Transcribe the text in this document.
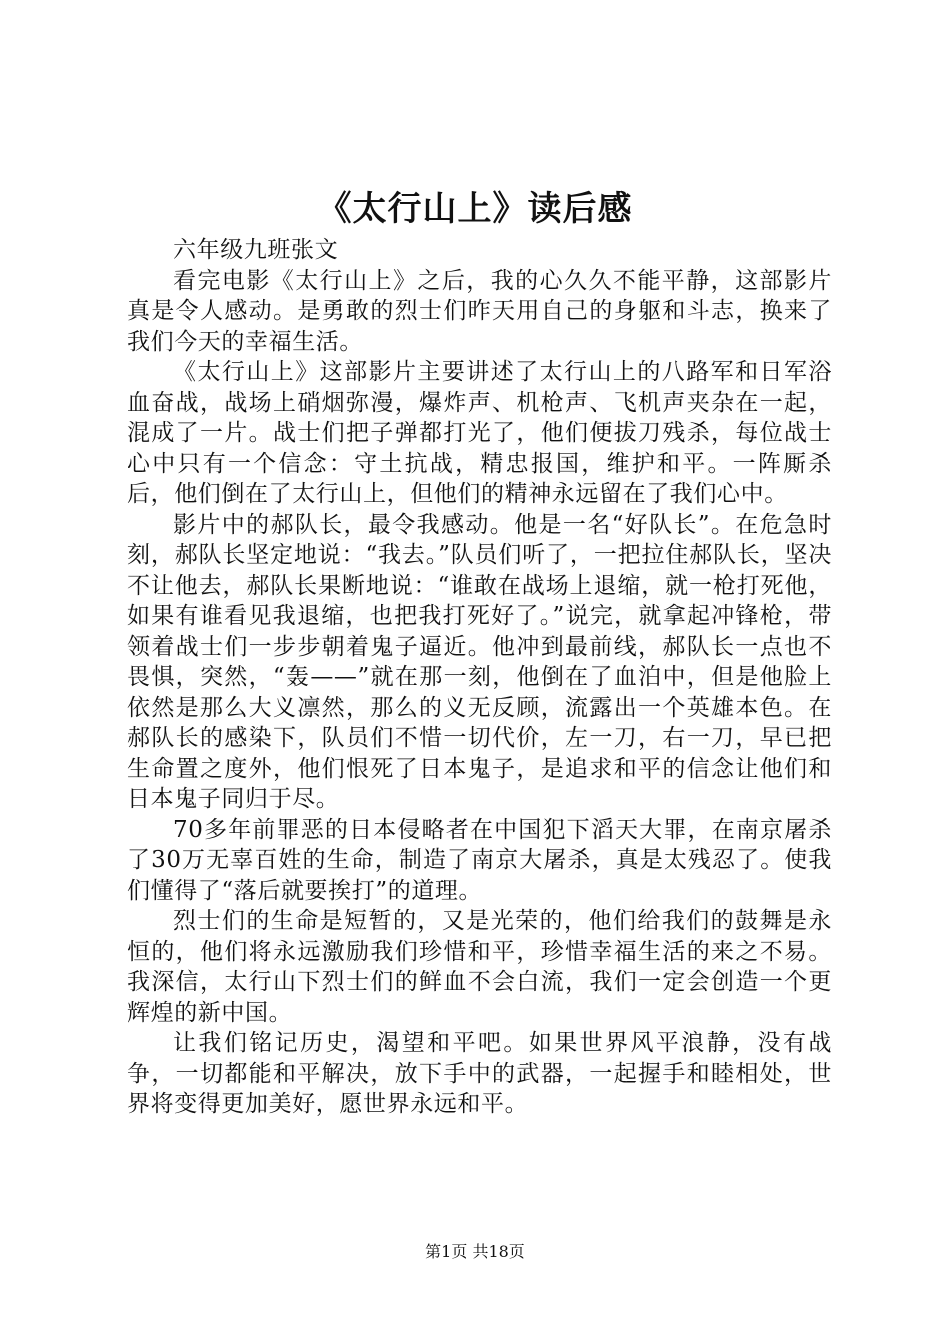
《太行山上》读后感
六年级九班张文

看完电影《太行山上》之后，我的心久久不能平静，这部影片真是令人感动。是勇敢的烈士们昨天用自己的身躯和斗志，换来了我们今天的幸福生活。

《太行山上》这部影片主要讲述了太行山上的八路军和日军浴血奋战，战场上硝烟弥漫，爆炸声、机枪声、飞机声夹杂在一起，混成了一片。战士们把子弹都打光了，他们便拔刀残杀，每位战士心中只有一个信念：守土抗战，精忠报国，维护和平。一阵厮杀后，他们倒在了太行山上，但他们的精神永远留在了我们心中。

影片中的郝队长，最令我感动。他是一名“好队长”。在危急时刻，郝队长坚定地说：“我去。”队员们听了，一把拉住郝队长，坚决不让他去，郝队长果断地说：“谁敢在战场上退缩，就一枪打死他，如果有谁看见我退缩，也把我打死好了。”说完，就拿起冲锋枪，带领着战士们一步步朝着鬼子逼近。他冲到最前线，郝队长一点也不畏惧，突然，“轰——”就在那一刻，他倒在了血泊中，但是他脸上依然是那么大义凛然，那么的义无反顾，流露出一个英雄本色。在郝队长的感染下，队员们不惜一切代价，左一刀，右一刀，早已把生命置之度外，他们恨死了日本鬼子，是追求和平的信念让他们和日本鬼子同归于尽。

70多年前罪恶的日本侵略者在中国犯下滔天大罪，在南京屠杀了30万无辜百姓的生命，制造了南京大屠杀，真是太残忍了。使我们懂得了“落后就要挨打”的道理。

烈士们的生命是短暂的，又是光荣的，他们给我们的鼓舞是永恒的，他们将永远激励我们珍惜和平，珍惜幸福生活的来之不易。我深信，太行山下烈士们的鲜血不会白流，我们一定会创造一个更辉煌的新中国。

让我们铭记历史，渴望和平吧。如果世界风平浪静，没有战争，一切都能和平解决，放下手中的武器，一起握手和睦相处，世界将变得更加美好，愿世界永远和平。

第1页 共18页
